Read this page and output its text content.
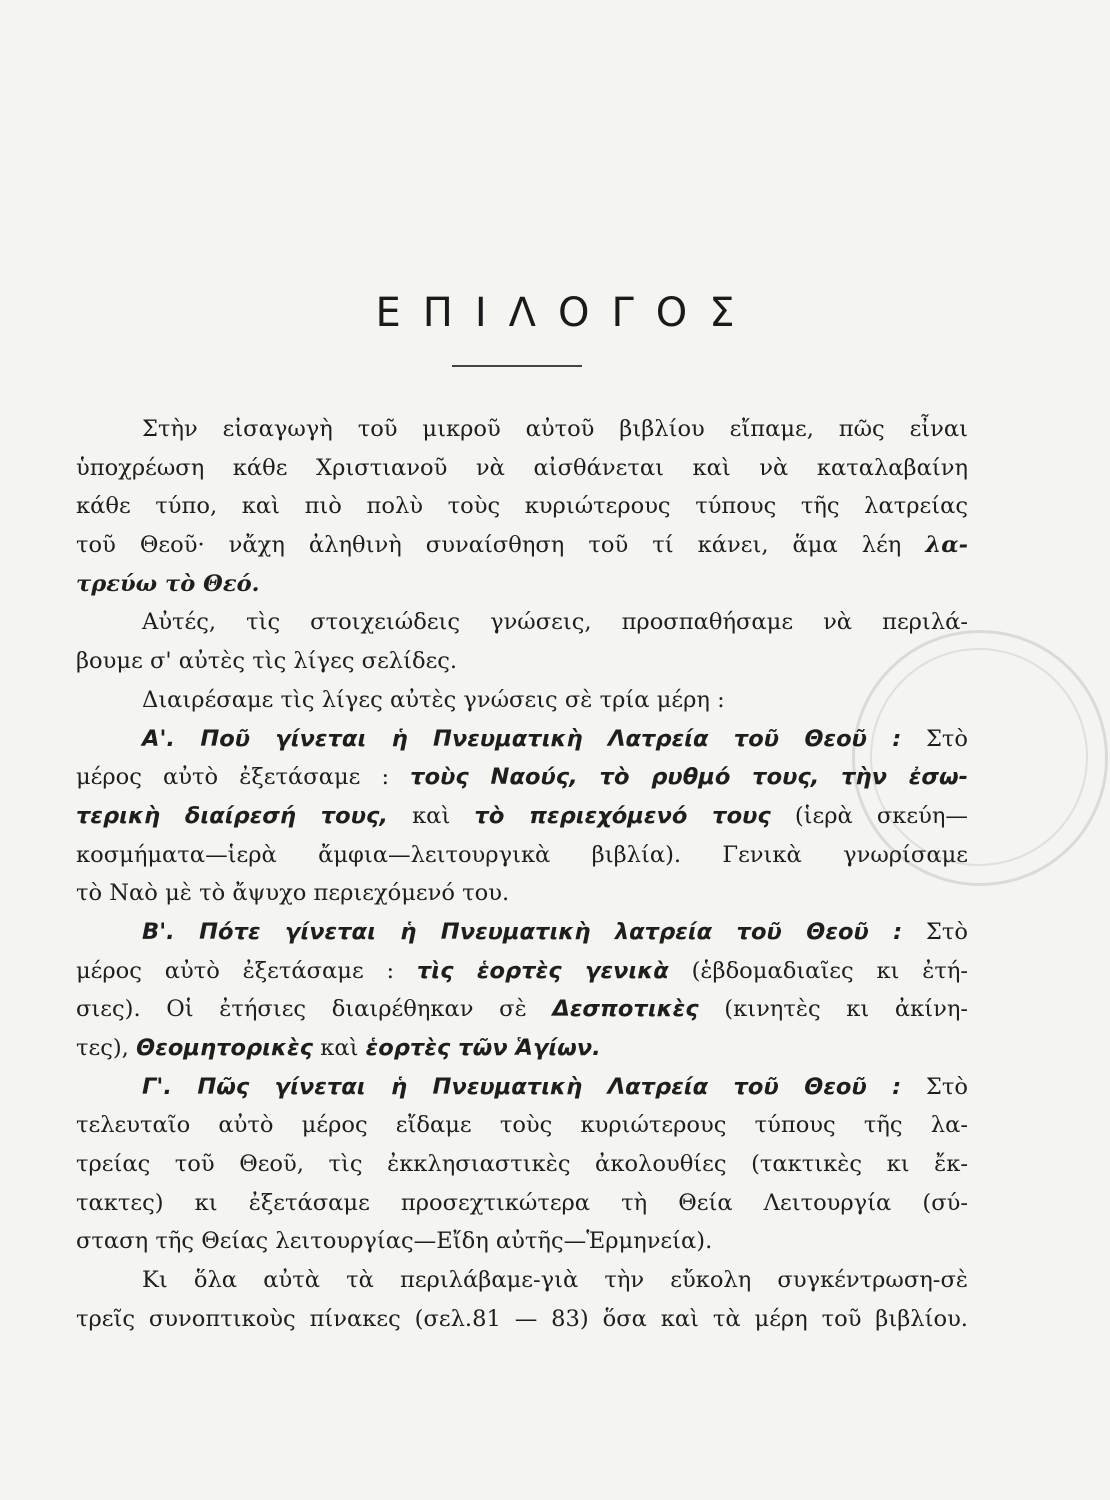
ΕΠΙΛΟΓΟΣ
Στὴν εἰσαγωγὴ τοῦ μικροῦ αὐτοῦ βιβλίου εἴπαμε, πῶς εἶναι
ὑποχρέωση κάθε Χριστιανοῦ νὰ αἰσθάνεται καὶ νὰ καταλαβαίνη
κάθε τύπο, καὶ πιὸ πολὺ τοὺς κυριώτερους τύπους τῆς λατρείας
τοῦ Θεοῦ· νἄχη ἀληθινὴ συναίσθηση τοῦ τί κάνει, ἅμα λέη λα-
τρεύω τὸ Θεό.
Αὐτές, τὶς στοιχειώδεις γνώσεις, προσπαθήσαμε νὰ περιλά-
βουμε σ' αὐτὲς τὶς λίγες σελίδες.
Διαιρέσαμε τὶς λίγες αὐτὲς γνώσεις σὲ τρία μέρη :
Α'. Ποῦ γίνεται ἡ Πνευματικὴ Λατρεία τοῦ Θεοῦ : Στὸ
μέρος αὐτὸ ἐξετάσαμε : τοὺς Ναούς, τὸ ρυθμό τους, τὴν ἐσω-
τερικὴ διαίρεσή τους, καὶ τὸ περιεχόμενό τους (ἱερὰ σκεύη—
κοσμήματα—ἱερὰ ἄμφια—λειτουργικὰ βιβλία). Γενικὰ γνωρίσαμε
τὸ Ναὸ μὲ τὸ ἄψυχο περιεχόμενό του.
Β'. Πότε γίνεται ἡ Πνευματικὴ λατρεία τοῦ Θεοῦ : Στὸ
μέρος αὐτὸ ἐξετάσαμε : τὶς ἑορτὲς γενικὰ (ἑβδομαδιαῖες κι ἐτή-
σιες). Οἱ ἐτήσιες διαιρέθηκαν σὲ Δεσποτικὲς (κινητὲς κι ἀκίνη-
τες), Θεομητορικὲς καὶ ἑορτὲς τῶν Ἁγίων.
Γ'. Πῶς γίνεται ἡ Πνευματικὴ Λατρεία τοῦ Θεοῦ : Στὸ
τελευταῖο αὐτὸ μέρος εἴδαμε τοὺς κυριώτερους τύπους τῆς λα-
τρείας τοῦ Θεοῦ, τὶς ἐκκλησιαστικὲς ἀκολουθίες (τακτικὲς κι ἔκ-
τακτες) κι ἐξετάσαμε προσεχτικώτερα τὴ Θεία Λειτουργία (σύ-
σταση τῆς Θείας λειτουργίας—Εἴδη αὐτῆς—Ἑρμηνεία).
Κι ὅλα αὐτὰ τὰ περιλάβαμε-γιὰ τὴν εὔκολη συγκέντρωση-σὲ
τρεῖς συνοπτικοὺς πίνακες (σελ.81 — 83) ὅσα καὶ τὰ μέρη τοῦ βιβλίου.
